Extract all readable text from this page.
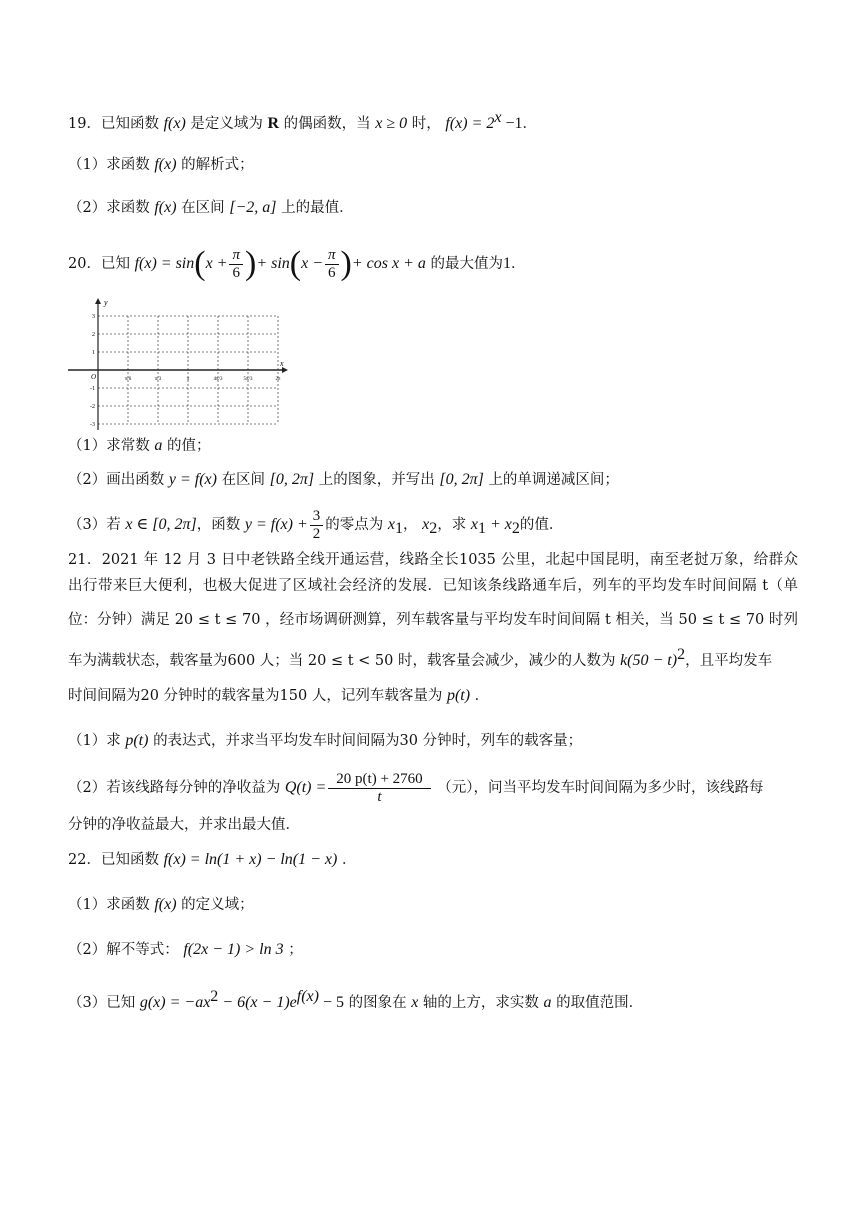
19．已知函数 f(x) 是定义域为 R 的偶函数，当 x ≥ 0 时， $f(x) = 2^x -1$．
（1）求函数 f(x) 的解析式；
（2）求函数 f(x) 在区间 [−2, a] 上的最值．
20．已知 $f(x) = \sin(x + \frac{\pi}{6}$ )+ $\sin(x - \frac{\pi}{6}$ )+ cos x + a 的最大值为1．
y
x
O
3
2
1
-1
-2
-3
π/6	π/3	π	4π/3	5π/3	2π
（1）求常数 a 的值；
（2）画出函数 y = f(x) 在区间 [0, 2π] 上的图象，并写出 [0, 2π] 上的单调递减区间；
（3）若 x ∈ [0, 2π]，函数 $y = f(x) + \frac{3}{2}$ 的零点为 $x_1$， $x_2$，求 $x_1 + x_2$的值．
21．2021 年 12 月 3 日中老铁路全线开通运营，线路全长1035 公里，北起中国昆明，南至老挝万象，给群众
出行带来巨大便利，也极大促进了区域社会经济的发展．已知该条线路通车后，列车的平均发车时间间隔 t（单
位：分钟）满足 20 ≤ t ≤ 70 ，经市场调研测算，列车载客量与平均发车时间间隔 t 相关，当 50 ≤ t ≤ 70 时列
车为满载状态，载客量为600 人；当 20 ≤ t < 50 时，载客量会减少，减少的人数为 $k(50 - t)^2$，且平均发车
时间间隔为20 分钟时的载客量为150 人，记列车载客量为 p(t) ．
（1）求 p(t) 的表达式，并求当平均发车时间间隔为30 分钟时，列车的载客量；
（2）若该线路每分钟的净收益为 $Q(t) = \frac{20 p(t) + 2760}{t}$ （元），问当平均发车时间间隔为多少时，该线路每
分钟的净收益最大，并求出最大值．
22．已知函数 f(x) = ln(1 + x) − ln(1 − x) ．
（1）求函数 f(x) 的定义域；
（2）解不等式： f(2x − 1) > ln 3 ；
（3）已知 $g(x) = -ax^2 - 6(x - 1)e^{f(x)} - 5$ 的图象在 x 轴的上方，求实数 a 的取值范围．
